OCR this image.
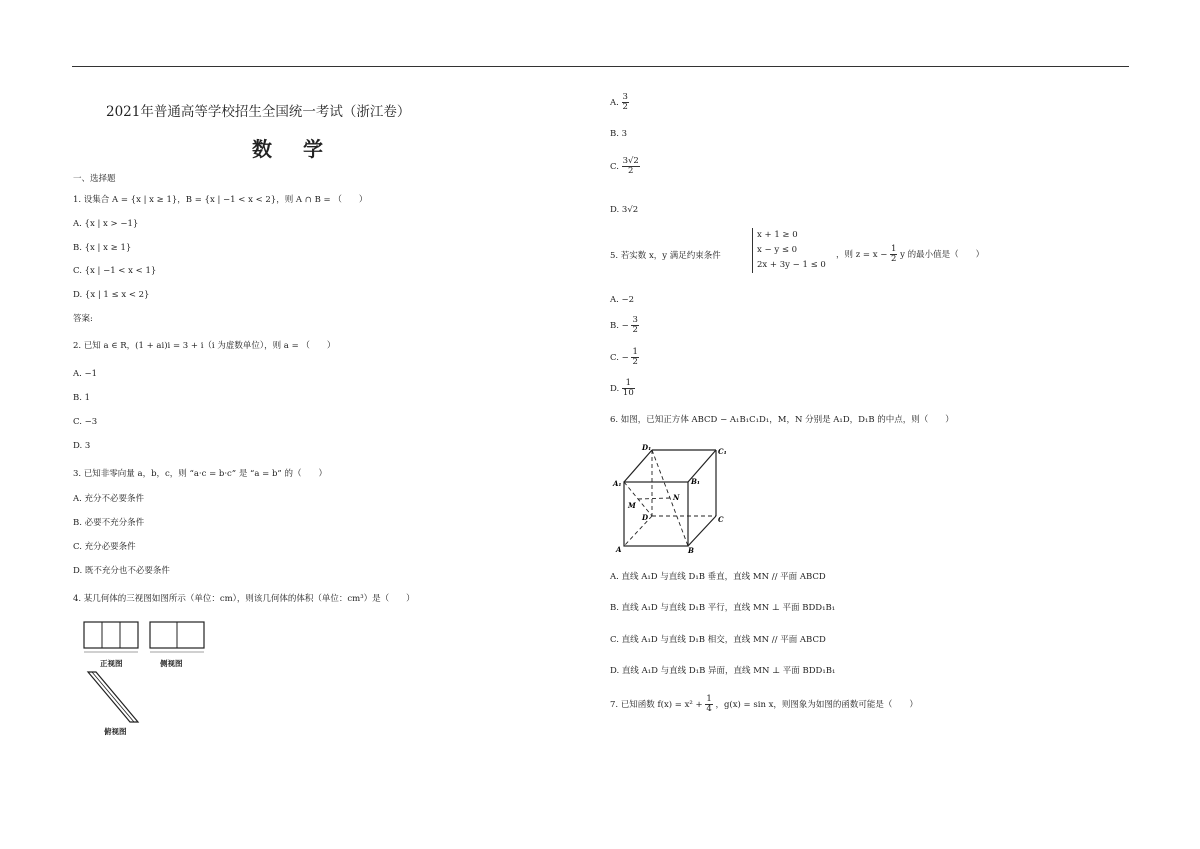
2021年普通高等学校招生全国统一考试（浙江卷）
数 学
一、选择题
1. 设集合 A = {x | x ≥ 1}，B = {x | −1 < x < 2}，则 A ∩ B = （　　）
A. {x | x > −1}
B. {x | x ≥ 1}
C. {x | −1 < x < 1}
D. {x | 1 ≤ x < 2}
答案:
2. 已知 a ∈ R，(1 + ai)i = 3 + i（i 为虚数单位），则 a = （　　）
A. −1
B. 1
C. −3
D. 3
3. 已知非零向量 a，b，c，则 “a·c = b·c” 是 “a = b” 的（　　）
A. 充分不必要条件
B. 必要不充分条件
C. 充分必要条件
D. 既不充分也不必要条件
4. 某几何体的三视图如图所示（单位：cm），则该几何体的体积（单位：cm³）是（　　）
正视图	侧视图
俯视图
A. $\frac{3}{2}$
B. 3
C. $\frac{3√2}{2}$
D. 3√2
5. 若实数 x，y 满足约束条件
x + 1 ≥ 0
x − y ≤ 0
2x + 3y − 1 ≤ 0
，则 $z = x - \frac{1}{2}$ y 的最小值是（　　）
A. −2
B. − $\frac{3}{2}$
C. − $\frac{1}{2}$
D. $\frac{1}{10}$
6. 如图，已知正方体 ABCD − A₁B₁C₁D₁，M，N 分别是 A₁D，D₁B 的中点，则（　　）
D₁	C₁
A₁	B₁
M
N
D	C
A	B
A. 直线 A₁D 与直线 D₁B 垂直，直线 MN // 平面 ABCD
B. 直线 A₁D 与直线 D₁B 平行，直线 MN ⊥ 平面 BDD₁B₁
C. 直线 A₁D 与直线 D₁B 相交，直线 MN // 平面 ABCD
D. 直线 A₁D 与直线 D₁B 异面，直线 MN ⊥ 平面 BDD₁B₁
7. 已知函数 $f(x) = x^2 + \frac{1}{4}$ ，g(x) = sin x，则图象为如图的函数可能是（　　）
